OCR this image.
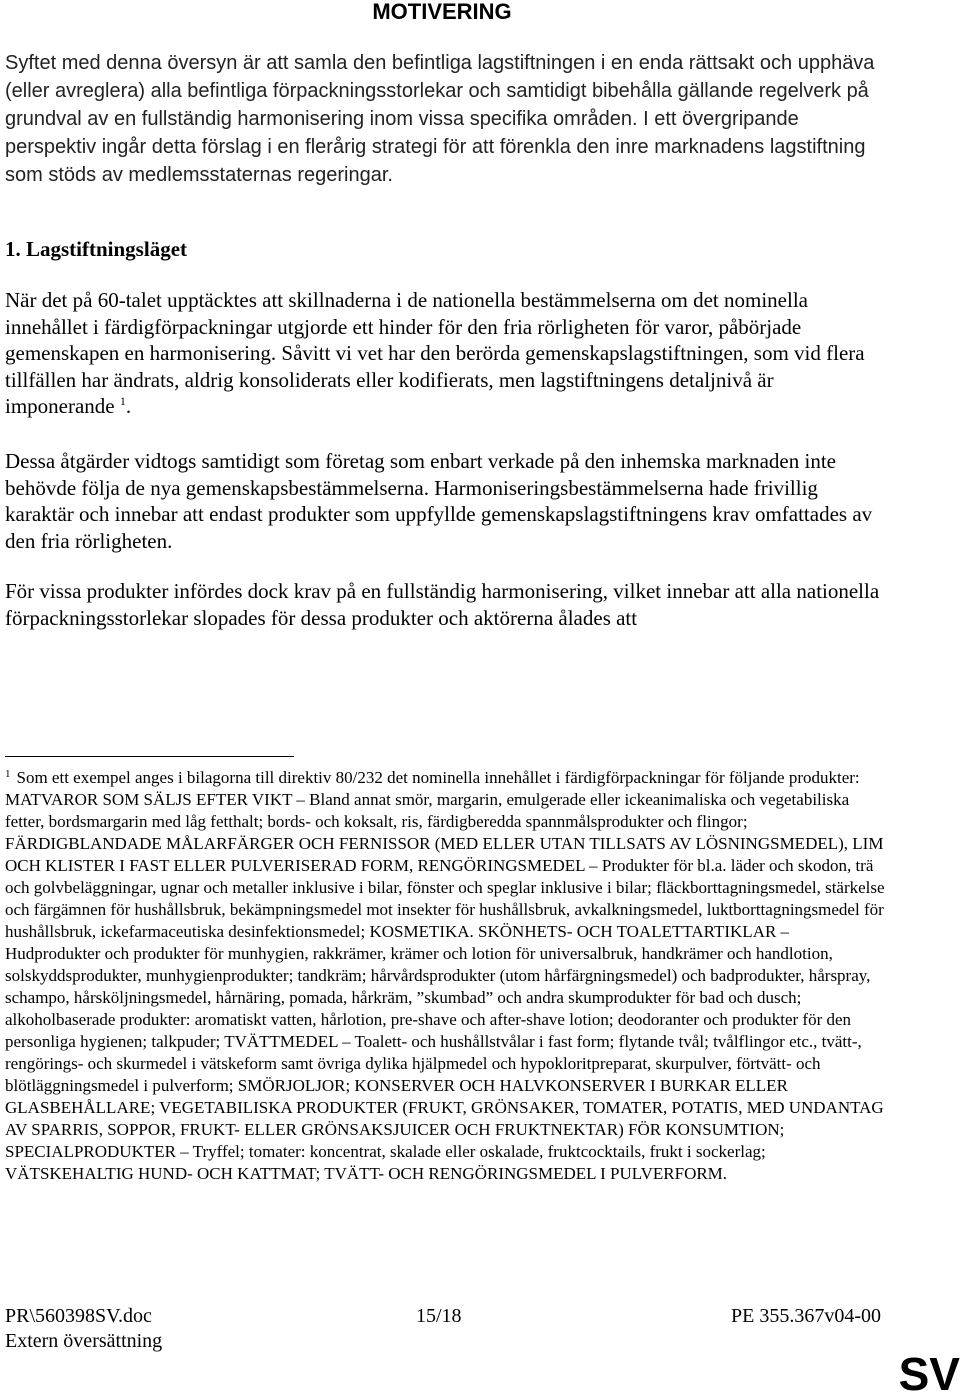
MOTIVERING
Syftet med denna översyn är att samla den befintliga lagstiftningen i en enda rättsakt och upphäva (eller avreglera) alla befintliga förpackningsstorlekar och samtidigt bibehålla gällande regelverk på grundval av en fullständig harmonisering inom vissa specifika områden. I ett övergripande perspektiv ingår detta förslag i en flerårig strategi för att förenkla den inre marknadens lagstiftning som stöds av medlemsstaternas regeringar.
1. Lagstiftningsläget
När det på 60-talet upptäcktes att skillnaderna i de nationella bestämmelserna om det nominella innehållet i färdigförpackningar utgjorde ett hinder för den fria rörligheten för varor, påbörjade gemenskapen en harmonisering. Såvitt vi vet har den berörda gemenskapslagstiftningen, som vid flera tillfällen har ändrats, aldrig konsoliderats eller kodifierats, men lagstiftningens detaljnivå är imponerande $^1$.
Dessa åtgärder vidtogs samtidigt som företag som enbart verkade på den inhemska marknaden inte behövde följa de nya gemenskapsbestämmelserna. Harmoniseringsbestämmelserna hade frivillig karaktär och innebar att endast produkter som uppfyllde gemenskapslagstiftningens krav omfattades av den fria rörligheten.
För vissa produkter infördes dock krav på en fullständig harmonisering, vilket innebar att alla nationella förpackningsstorlekar slopades för dessa produkter och aktörerna ålades att
$^1$ Som ett exempel anges i bilagorna till direktiv 80/232 det nominella innehållet i färdigförpackningar för följande produkter: MATVAROR SOM SÄLJS EFTER VIKT – Bland annat smör, margarin, emulgerade eller ickeanimaliska och vegetabiliska fetter, bordsmargarin med låg fetthalt; bords- och koksalt, ris, färdigberedda spannmålsprodukter och flingor; FÄRDIGBLANDADE MÅLARFÄRGER OCH FERNISSOR (MED ELLER UTAN TILLSATS AV LÖSNINGSMEDEL), LIM OCH KLISTER I FAST ELLER PULVERISERAD FORM, RENGÖRINGSMEDEL – Produkter för bl.a. läder och skodon, trä och golvbeläggningar, ugnar och metaller inklusive i bilar, fönster och speglar inklusive i bilar; fläckborttagningsmedel, stärkelse och färgämnen för hushållsbruk, bekämpningsmedel mot insekter för hushållsbruk, avkalkningsmedel, luktborttagningsmedel för hushållsbruk, ickefarmaceutiska desinfektionsmedel; KOSMETIKA. SKÖNHETS- OCH TOALETTARTIKLAR – Hudprodukter och produkter för munhygien, rakkrämer, krämer och lotion för universalbruk, handkrämer och handlotion, solskyddsprodukter, munhygienprodukter; tandkräm; hårvårdsprodukter (utom hårfärgningsmedel) och badprodukter, hårspray, schampo, hårsköljningsmedel, hårnäring, pomada, hårkräm, ”skumbad” och andra skumprodukter för bad och dusch; alkoholbaserade produkter: aromatiskt vatten, hårlotion, pre-shave och after-shave lotion; deodoranter och produkter för den personliga hygienen; talkpuder; TVÄTTMEDEL – Toalett- och hushållstvålar i fast form; flytande tvål; tvålflingor etc., tvätt-, rengörings- och skurmedel i vätskeform samt övriga dylika hjälpmedel och hypokloritpreparat, skurpulver, förtvätt- och blötläggningsmedel i pulverform; SMÖRJOLJOR; KONSERVER OCH HALVKONSERVER I BURKAR ELLER GLASBEHÅLLARE; VEGETABILISKA PRODUKTER (FRUKT, GRÖNSAKER, TOMATER, POTATIS, MED UNDANTAG AV SPARRIS, SOPPOR, FRUKT- ELLER GRÖNSAKSJUICER OCH FRUKTNEKTAR) FÖR KONSUMTION; SPECIALPRODUKTER – Tryffel; tomater: koncentrat, skalade eller oskalade, fruktcocktails, frukt i sockerlag; VÄTSKEHALTIG HUND- OCH KATTMAT; TVÄTT- OCH RENGÖRINGSMEDEL I PULVERFORM.
PR\560398SV.doc	15/18	PE 355.367v04-00
Extern översättning
SV
